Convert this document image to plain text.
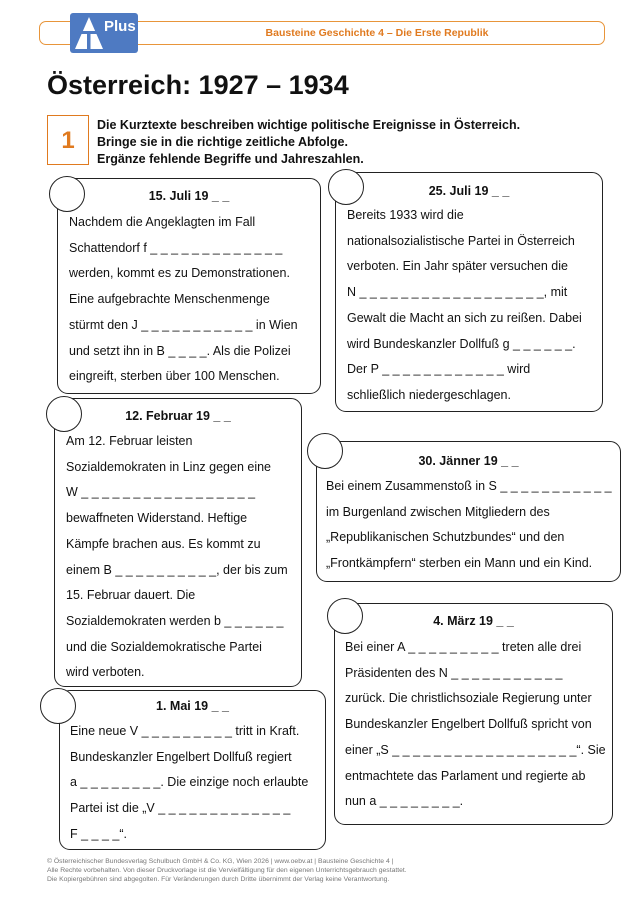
Bausteine Geschichte 4 – Die Erste Republik
Plus
Österreich: 1927 – 1934
1
Die Kurztexte beschreiben wichtige politische Ereignisse in Österreich.
Bringe sie in die richtige zeitliche Abfolge.
Ergänze fehlende Begriffe und Jahreszahlen.
15. Juli 19 _ _
Nachdem die Angeklagten im Fall
Schattendorf f _ _ _ _ _ _ _ _ _ _ _ _ _
werden, kommt es zu Demonstrationen.
Eine aufgebrachte Menschenmenge
stürmt den J _ _ _ _ _ _ _ _ _ _ _ in Wien
und setzt ihn in B _ _ _ _. Als die Polizei
eingreift, sterben über 100 Menschen.
25. Juli 19 _ _
Bereits 1933 wird die
nationalsozialistische Partei in Österreich
verboten. Ein Jahr später versuchen die
N _ _ _ _ _ _ _ _ _ _ _ _ _ _ _ _ _ _, mit
Gewalt die Macht an sich zu reißen. Dabei
wird Bundeskanzler Dollfuß g _ _ _ _ _ _.
Der P _ _ _ _ _ _ _ _ _ _ _ _ wird
schließlich niedergeschlagen.
12. Februar 19 _ _
Am 12. Februar leisten
Sozialdemokraten in Linz gegen eine
W _ _ _ _ _ _ _ _ _ _ _ _ _ _ _ _ _
bewaffneten Widerstand. Heftige
Kämpfe brachen aus. Es kommt zu
einem B _ _ _ _ _ _ _ _ _ _, der bis zum
15. Februar dauert. Die
Sozialdemokraten werden b _ _ _ _ _ _
und die Sozialdemokratische Partei
wird verboten.
30. Jänner 19 _ _
Bei einem Zusammenstoß in S _ _ _ _ _ _ _ _ _ _ _
im Burgenland zwischen Mitgliedern des
„Republikanischen Schutzbundes“ und den
„Frontkämpfern“ sterben ein Mann und ein Kind.
4. März 19 _ _
Bei einer A _ _ _ _ _ _ _ _ _ treten alle drei
Präsidenten des N _ _ _ _ _ _ _ _ _ _ _
zurück. Die christlichsoziale Regierung unter
Bundeskanzler Engelbert Dollfuß spricht von
einer „S _ _ _ _ _ _ _ _ _ _ _ _ _ _ _ _ _ _“. Sie
entmachtete das Parlament und regierte ab
nun a _ _ _ _ _ _ _ _.
1. Mai 19 _ _
Eine neue V _ _ _ _ _ _ _ _ _ tritt in Kraft.
Bundeskanzler Engelbert Dollfuß regiert
a _ _ _ _ _ _ _ _. Die einzige noch erlaubte
Partei ist die „V _ _ _ _ _ _ _ _ _ _ _ _ _
F _ _ _ _“.
© Österreichischer Bundesverlag Schulbuch GmbH & Co. KG, Wien 2026 | www.oebv.at | Bausteine Geschichte 4 |
Alle Rechte vorbehalten. Von dieser Druckvorlage ist die Vervielfältigung für den eigenen Unterrichtsgebrauch gestattet.
Die Kopiergebühren sind abgegolten. Für Veränderungen durch Dritte übernimmt der Verlag keine Verantwortung.
